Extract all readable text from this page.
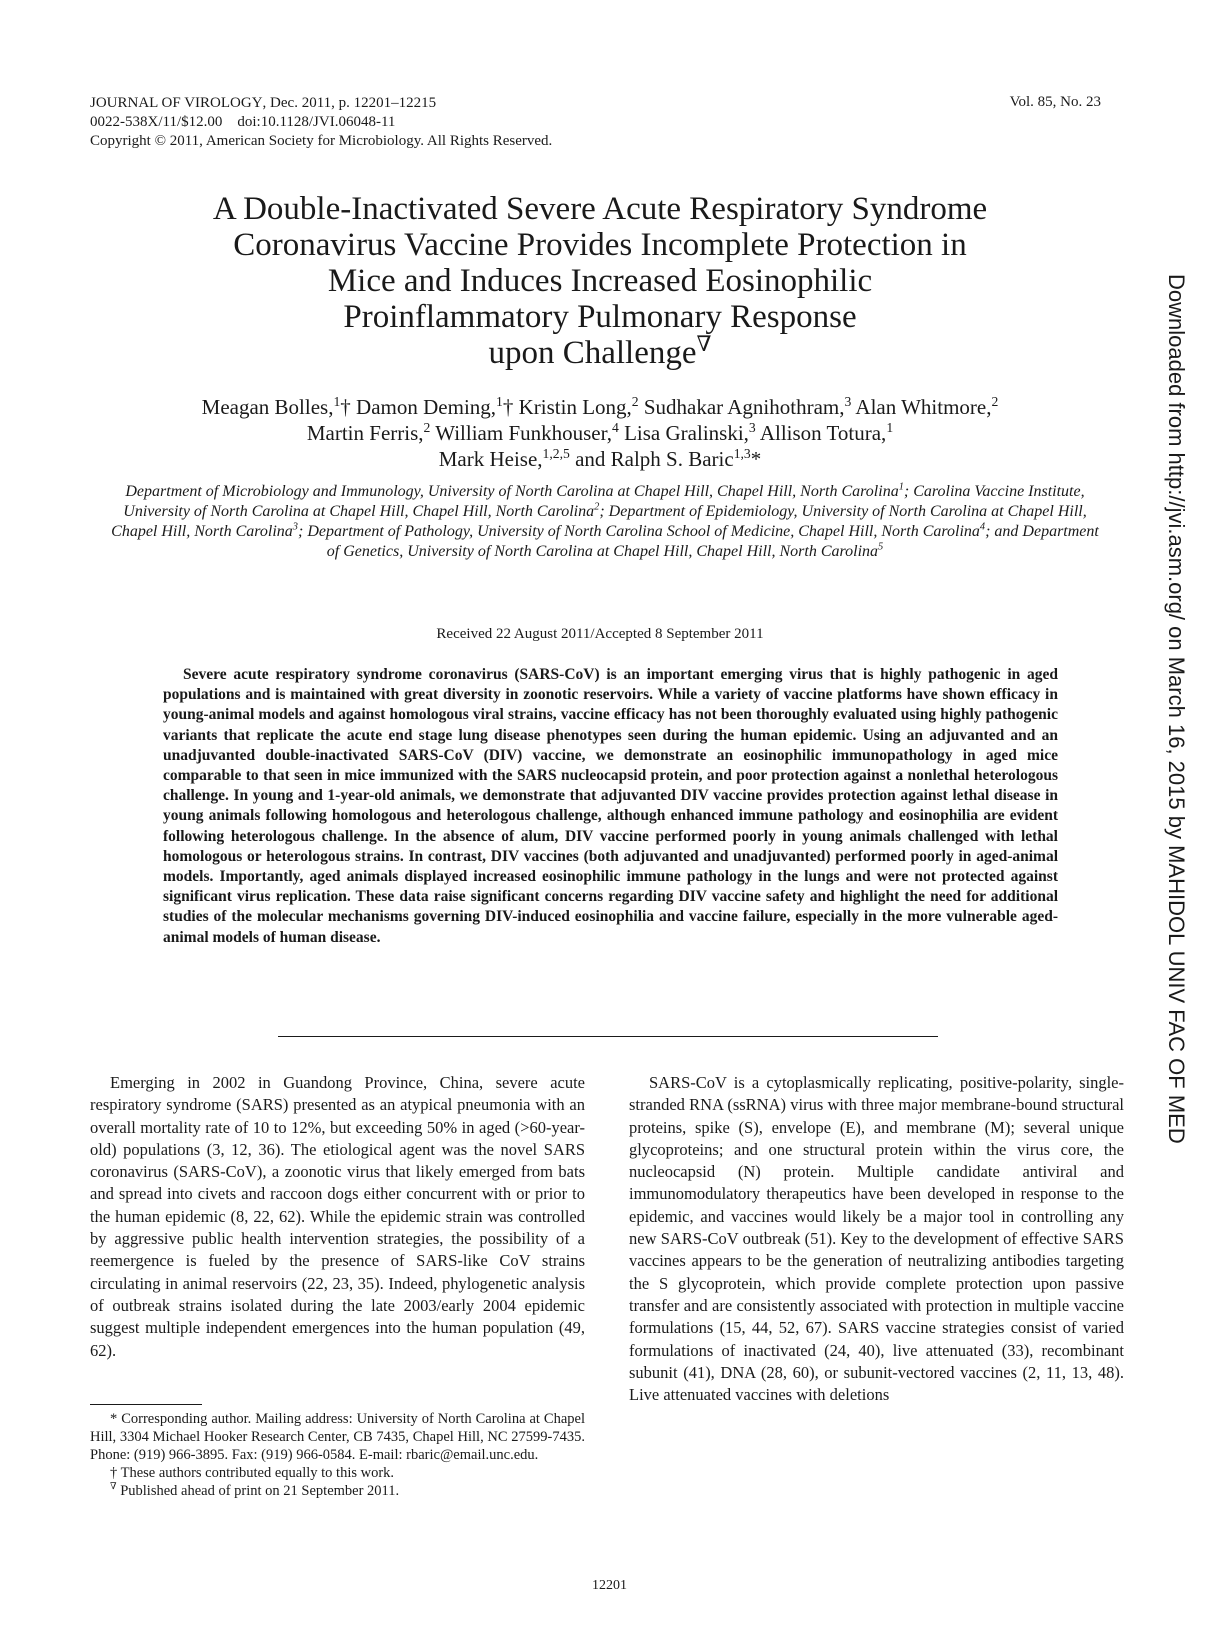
JOURNAL OF VIROLOGY, Dec. 2011, p. 12201–12215
0022-538X/11/$12.00    doi:10.1128/JVI.06048-11
Copyright © 2011, American Society for Microbiology. All Rights Reserved.
Vol. 85, No. 23
A Double-Inactivated Severe Acute Respiratory Syndrome
Coronavirus Vaccine Provides Incomplete Protection in
Mice and Induces Increased Eosinophilic
Proinflammatory Pulmonary Response
upon Challenge∇
Meagan Bolles,$^1$† Damon Deming,$^1$† Kristin Long,$^2$ Sudhakar Agnihothram,$^3$ Alan Whitmore,$^2$
Martin Ferris,$^2$ William Funkhouser,$^4$ Lisa Gralinski,$^3$ Allison Totura,$^1$
Mark Heise,$^{1,2,5}$ and Ralph S. Baric$^{1,3}$*
Department of Microbiology and Immunology, University of North Carolina at Chapel Hill, Chapel Hill, North Carolina$^1$; Carolina Vaccine Institute, University of North Carolina at Chapel Hill, Chapel Hill, North Carolina$^2$; Department of Epidemiology, University of North Carolina at Chapel Hill, Chapel Hill, North Carolina$^3$; Department of Pathology, University of North Carolina School of Medicine, Chapel Hill, North Carolina$^4$; and Department of Genetics, University of North Carolina at Chapel Hill, Chapel Hill, North Carolina$^5$
Received 22 August 2011/Accepted 8 September 2011

Severe acute respiratory syndrome coronavirus (SARS-CoV) is an important emerging virus that is highly pathogenic in aged populations and is maintained with great diversity in zoonotic reservoirs. While a variety of vaccine platforms have shown efficacy in young-animal models and against homologous viral strains, vaccine efficacy has not been thoroughly evaluated using highly pathogenic variants that replicate the acute end stage lung disease phenotypes seen during the human epidemic. Using an adjuvanted and an unadjuvanted double-inactivated SARS-CoV (DIV) vaccine, we demonstrate an eosinophilic immunopathology in aged mice comparable to that seen in mice immunized with the SARS nucleocapsid protein, and poor protection against a nonlethal heterologous challenge. In young and 1-year-old animals, we demonstrate that adjuvanted DIV vaccine provides protection against lethal disease in young animals following homologous and heterologous challenge, although enhanced immune pathology and eosinophilia are evident following heterologous challenge. In the absence of alum, DIV vaccine performed poorly in young animals challenged with lethal homologous or heterologous strains. In contrast, DIV vaccines (both adjuvanted and unadjuvanted) performed poorly in aged-animal models. Importantly, aged animals displayed increased eosinophilic immune pathology in the lungs and were not protected against significant virus replication. These data raise significant concerns regarding DIV vaccine safety and highlight the need for additional studies of the molecular mechanisms governing DIV-induced eosinophilia and vaccine failure, especially in the more vulnerable aged-animal models of human disease.

Emerging in 2002 in Guandong Province, China, severe acute respiratory syndrome (SARS) presented as an atypical pneumonia with an overall mortality rate of 10 to 12%, but exceeding 50% in aged (>60-year-old) populations (3, 12, 36). The etiological agent was the novel SARS coronavirus (SARS-CoV), a zoonotic virus that likely emerged from bats and spread into civets and raccoon dogs either concurrent with or prior to the human epidemic (8, 22, 62). While the epidemic strain was controlled by aggressive public health intervention strategies, the possibility of a reemergence is fueled by the presence of SARS-like CoV strains circulating in animal reservoirs (22, 23, 35). Indeed, phylogenetic analysis of outbreak strains isolated during the late 2003/early 2004 epidemic suggest multiple independent emergences into the human population (49, 62).

SARS-CoV is a cytoplasmically replicating, positive-polarity, single-stranded RNA (ssRNA) virus with three major membrane-bound structural proteins, spike (S), envelope (E), and membrane (M); several unique glycoproteins; and one structural protein within the virus core, the nucleocapsid (N) protein. Multiple candidate antiviral and immunomodulatory therapeutics have been developed in response to the epidemic, and vaccines would likely be a major tool in controlling any new SARS-CoV outbreak (51). Key to the development of effective SARS vaccines appears to be the generation of neutralizing antibodies targeting the S glycoprotein, which provide complete protection upon passive transfer and are consistently associated with protection in multiple vaccine formulations (15, 44, 52, 67). SARS vaccine strategies consist of varied formulations of inactivated (24, 40), live attenuated (33), recombinant subunit (41), DNA (28, 60), or subunit-vectored vaccines (2, 11, 13, 48). Live attenuated vaccines with deletions

* Corresponding author. Mailing address: University of North Carolina at Chapel Hill, 3304 Michael Hooker Research Center, CB 7435, Chapel Hill, NC 27599-7435. Phone: (919) 966-3895. Fax: (919) 966-0584. E-mail: rbaric@email.unc.edu.

† These authors contributed equally to this work.

∇ Published ahead of print on 21 September 2011.

12201
Downloaded from http://jvi.asm.org/ on March 16, 2015 by MAHIDOL UNIV FAC OF MED
